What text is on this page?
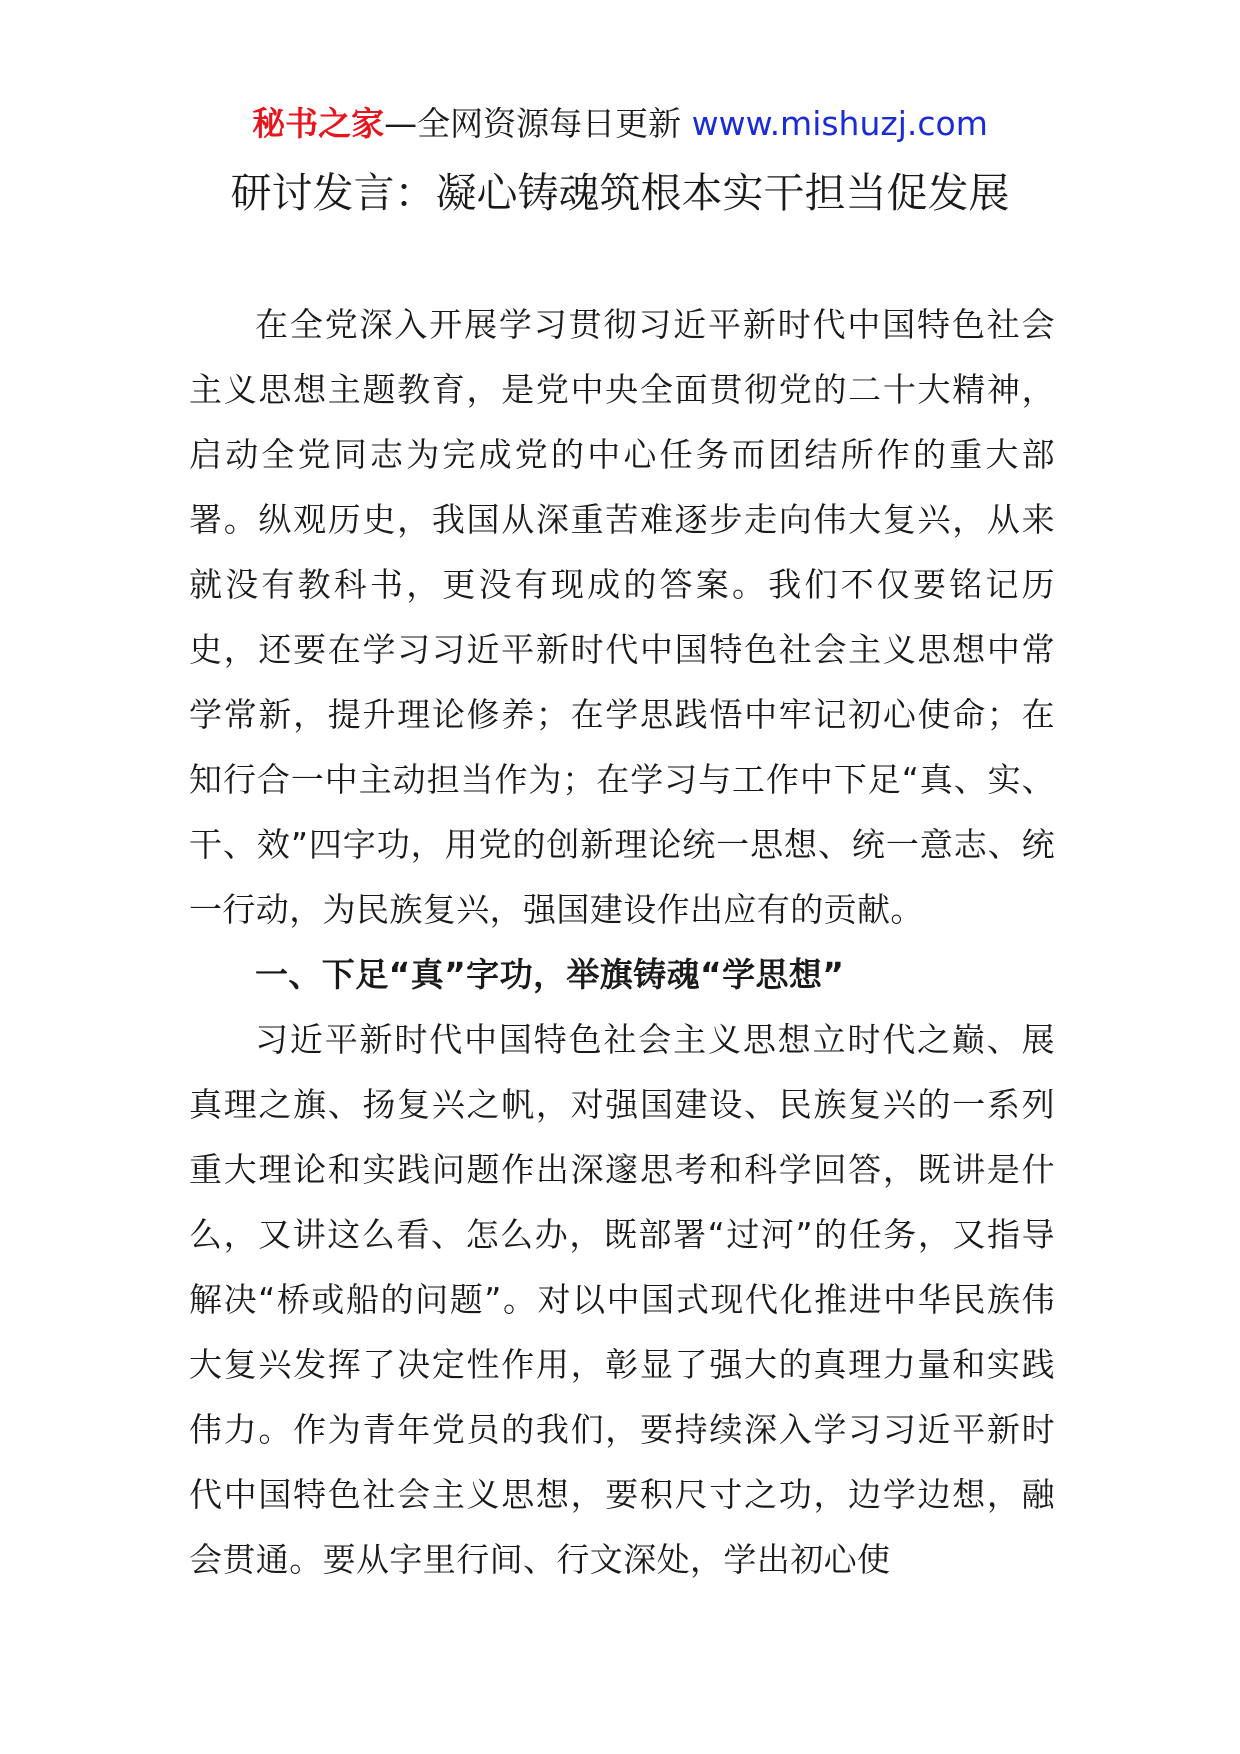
秘书之家—全网资源每日更新 www.mishuzj.com
研讨发言：凝心铸魂筑根本实干担当促发展

在全党深入开展学习贯彻习近平新时代中国特色社会主义思想主题教育，是党中央全面贯彻党的二十大精神，启动全党同志为完成党的中心任务而团结所作的重大部署。纵观历史，我国从深重苦难逐步走向伟大复兴，从来就没有教科书，更没有现成的答案。我们不仅要铭记历史，还要在学习习近平新时代中国特色社会主义思想中常学常新，提升理论修养；在学思践悟中牢记初心使命；在知行合一中主动担当作为；在学习与工作中下足“真、实、干、效”四字功，用党的创新理论统一思想、统一意志、统一行动，为民族复兴，强国建设作出应有的贡献。

一、下足“真”字功，举旗铸魂“学思想”

习近平新时代中国特色社会主义思想立时代之巅、展真理之旗、扬复兴之帆，对强国建设、民族复兴的一系列重大理论和实践问题作出深邃思考和科学回答，既讲是什么，又讲这么看、怎么办，既部署“过河”的任务，又指导解决“桥或船的问题”。对以中国式现代化推进中华民族伟大复兴发挥了决定性作用，彰显了强大的真理力量和实践伟力。作为青年党员的我们，要持续深入学习习近平新时代中国特色社会主义思想，要积尺寸之功，边学边想，融会贯通。要从字里行间、行文深处，学出初心使
